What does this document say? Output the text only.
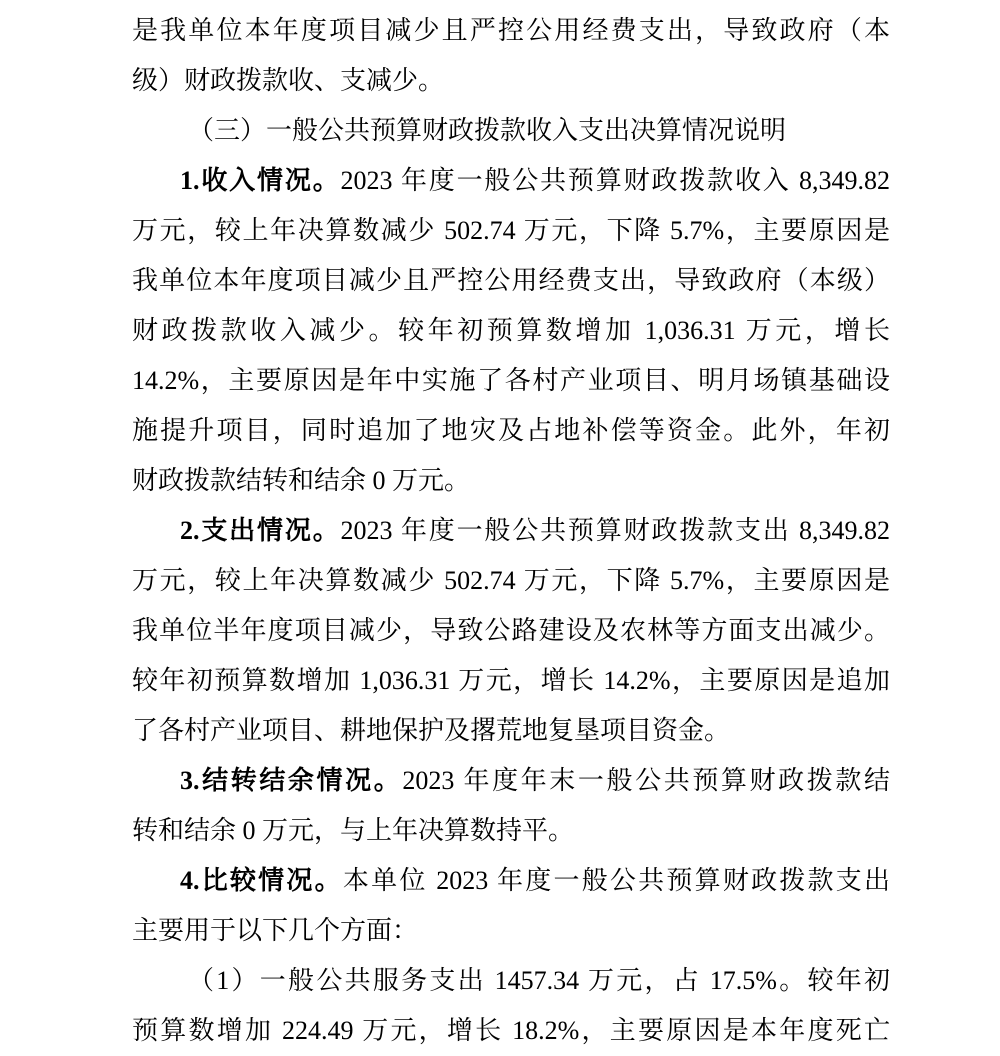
是我单位本年度项目减少且严控公用经费支出，导致政府（本
级）财政拨款收、支减少。
（三）一般公共预算财政拨款收入支出决算情况说明
1.收入情况。2023 年度一般公共预算财政拨款收入 8,349.82
万元，较上年决算数减少 502.74 万元，下降 5.7%，主要原因是
我单位本年度项目减少且严控公用经费支出，导致政府（本级）
财政拨款收入减少。较年初预算数增加 1,036.31 万元，增长
14.2%，主要原因是年中实施了各村产业项目、明月场镇基础设
施提升项目，同时追加了地灾及占地补偿等资金。此外，年初
财政拨款结转和结余 0 万元。
2.支出情况。2023 年度一般公共预算财政拨款支出 8,349.82
万元，较上年决算数减少 502.74 万元，下降 5.7%，主要原因是
我单位半年度项目减少，导致公路建设及农林等方面支出减少。
较年初预算数增加 1,036.31 万元，增长 14.2%，主要原因是追加
了各村产业项目、耕地保护及撂荒地复垦项目资金。
3.结转结余情况。2023 年度年末一般公共预算财政拨款结
转和结余 0 万元，与上年决算数持平。
4.比较情况。本单位 2023 年度一般公共预算财政拨款支出
主要用于以下几个方面：
（1）一般公共服务支出 1457.34 万元，占 17.5%。较年初
预算数增加 224.49 万元，增长 18.2%，主要原因是本年度死亡
